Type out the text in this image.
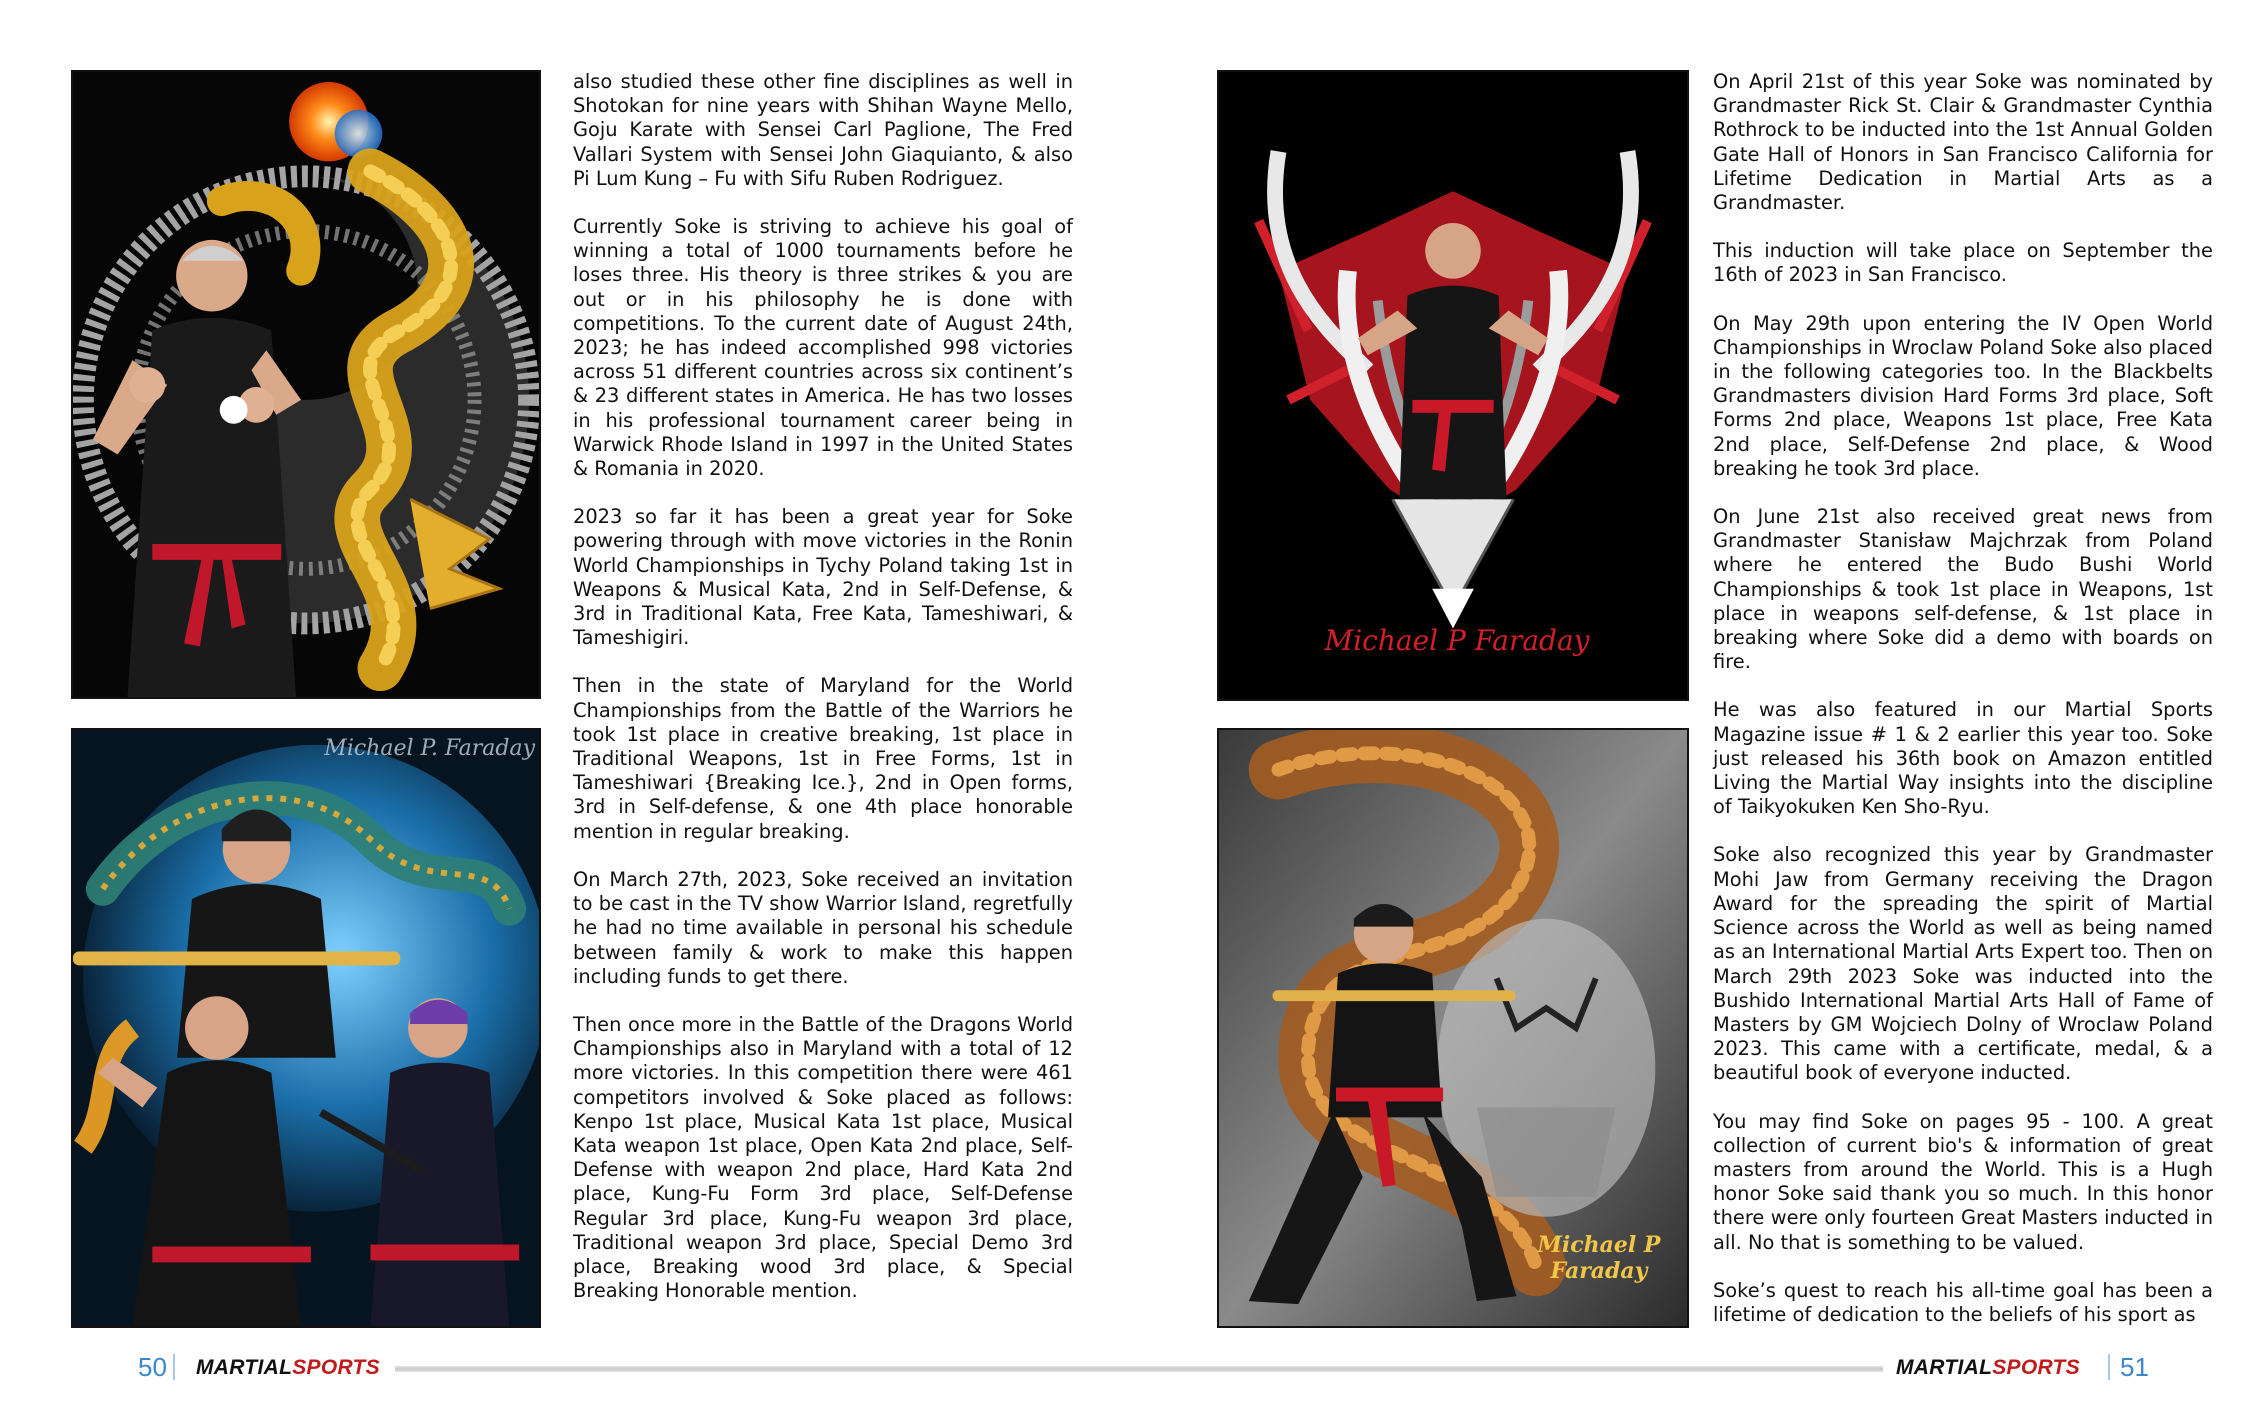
Michael P. Faraday

also studied these other fine disciplines as well in Shotokan for nine years with Shihan Wayne Mello, Goju Karate with Sensei Carl Paglione, The Fred Vallari System with Sensei John Giaquianto, & also Pi Lum Kung – Fu with Sifu Ruben Rodriguez.

Currently Soke is striving to achieve his goal of winning a total of 1000 tournaments before he loses three. His theory is three strikes & you are out or in his philosophy he is done with competitions. To the current date of August 24th, 2023; he has indeed accomplished 998 victories across 51 different countries across six continent’s & 23 different states in America. He has two losses in his professional tournament career being in Warwick Rhode Island in 1997 in the United States & Romania in 2020.

2023 so far it has been a great year for Soke powering through with move victories in the Ronin World Championships in Tychy Poland taking 1st in Weapons & Musical Kata, 2nd in Self-Defense, & 3rd in Traditional Kata, Free Kata, Tameshiwari, & Tameshigiri.

Then in the state of Maryland for the World Championships from the Battle of the Warriors he took 1st place in creative breaking, 1st place in Traditional Weapons, 1st in Free Forms, 1st in Tameshiwari {Breaking Ice.}, 2nd in Open forms, 3rd in Self-defense, & one 4th place honorable mention in regular breaking.

On March 27th, 2023, Soke received an invitation to be cast in the TV show Warrior Island, regretfully he had no time available in personal his schedule between family & work to make this happen including funds to get there.

Then once more in the Battle of the Dragons World Championships also in Maryland with a total of 12 more victories. In this competition there were 461 competitors involved & Soke placed as follows: Kenpo 1st place, Musical Kata 1st place, Musical Kata weapon 1st place, Open Kata 2nd place, Self-Defense with weapon 2nd place, Hard Kata 2nd place, Kung-Fu Form 3rd place, Self-Defense Regular 3rd place, Kung-Fu weapon 3rd place, Traditional weapon 3rd place, Special Demo 3rd place, Breaking wood 3rd place, & Special Breaking Honorable mention.

Michael P Faraday
Michael P Faraday

On April 21st of this year Soke was nominated by Grandmaster Rick St. Clair & Grandmaster Cynthia Rothrock to be inducted into the 1st Annual Golden Gate Hall of Honors in San Francisco California for Lifetime Dedication in Martial Arts as a Grandmaster.

This induction will take place on September the 16th of 2023 in San Francisco.

On May 29th upon entering the IV Open World Championships in Wroclaw Poland Soke also placed in the following categories too. In the Blackbelts Grandmasters division Hard Forms 3rd place, Soft Forms 2nd place, Weapons 1st place, Free Kata 2nd place, Self-Defense 2nd place, & Wood breaking he took 3rd place.

On June 21st also received great news from Grandmaster Stanisław Majchrzak from Poland where he entered the Budo Bushi World Championships & took 1st place in Weapons, 1st place in weapons self-defense, & 1st place in breaking where Soke did a demo with boards on fire.

He was also featured in our Martial Sports Magazine issue # 1 & 2 earlier this year too. Soke just released his 36th book on Amazon entitled Living the Martial Way insights into the discipline of Taikyokuken Ken Sho-Ryu.

Soke also recognized this year by Grandmaster Mohi Jaw from Germany receiving the Dragon Award for the spreading the spirit of Martial Science across the World as well as being named as an International Martial Arts Expert too. Then on March 29th 2023 Soke was inducted into the Bushido International Martial Arts Hall of Fame of Masters by GM Wojciech Dolny of Wroclaw Poland 2023. This came with a certificate, medal, & a beautiful book of everyone inducted.

You may find Soke on pages 95 - 100. A great collection of current bio's & information of great masters from around the World. This is a Hugh honor Soke said thank you so much. In this honor there were only fourteen Great Masters inducted in all. No that is something to be valued.

Soke’s quest to reach his all-time goal has been a lifetime of dedication to the beliefs of his sport as

50 MARTIALSPORTS	MARTIALSPORTS 51
